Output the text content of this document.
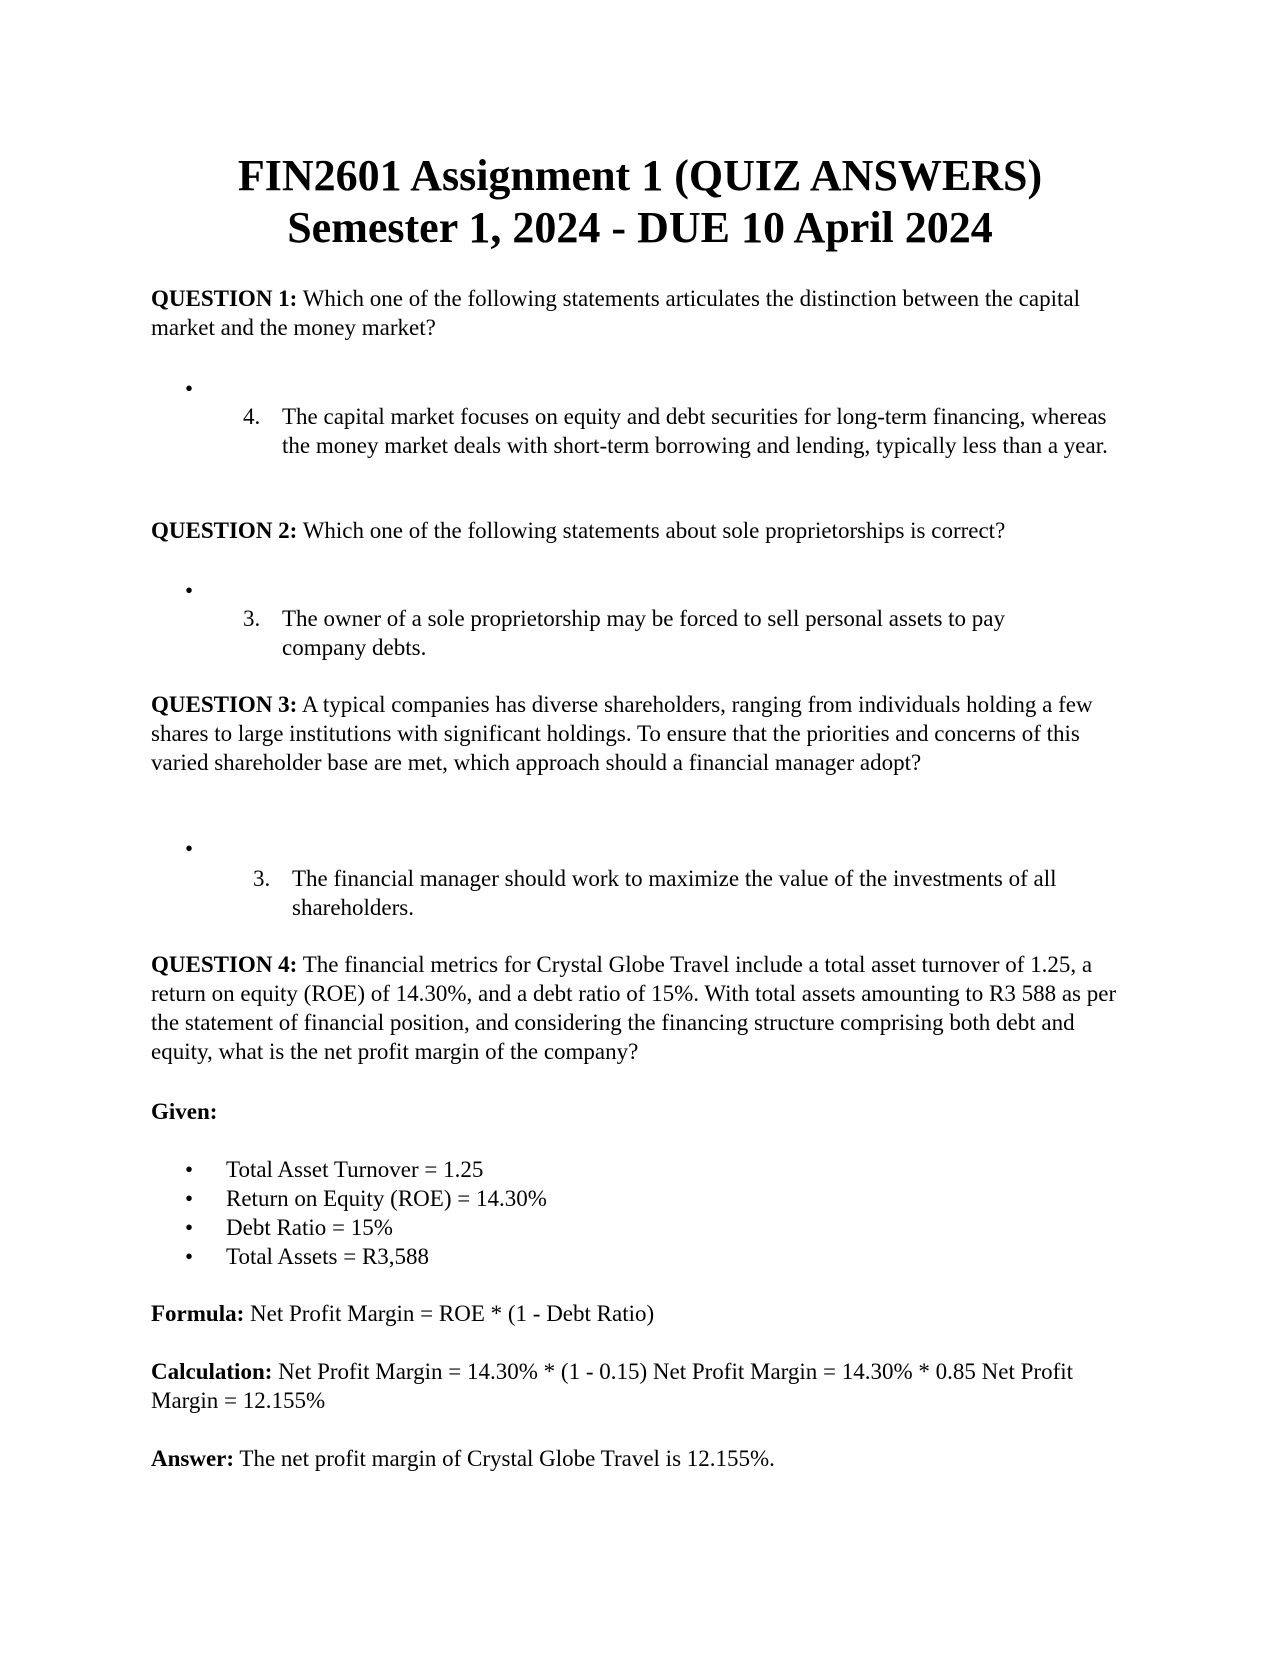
FIN2601 Assignment 1 (QUIZ ANSWERS)
Semester 1, 2024 - DUE 10 April 2024
QUESTION 1: Which one of the following statements articulates the distinction between the capital market and the money market?
•
4. The capital market focuses on equity and debt securities for long-term financing, whereas the money market deals with short-term borrowing and lending, typically less than a year.
QUESTION 2: Which one of the following statements about sole proprietorships is correct?
•
3. The owner of a sole proprietorship may be forced to sell personal assets to pay company debts.
QUESTION 3: A typical companies has diverse shareholders, ranging from individuals holding a few shares to large institutions with significant holdings. To ensure that the priorities and concerns of this varied shareholder base are met, which approach should a financial manager adopt?
•
3. The financial manager should work to maximize the value of the investments of all shareholders.
QUESTION 4: The financial metrics for Crystal Globe Travel include a total asset turnover of 1.25, a return on equity (ROE) of 14.30%, and a debt ratio of 15%. With total assets amounting to R3 588 as per the statement of financial position, and considering the financing structure comprising both debt and equity, what is the net profit margin of the company?
Given:
• Total Asset Turnover = 1.25
• Return on Equity (ROE) = 14.30%
• Debt Ratio = 15%
• Total Assets = R3,588
Formula: Net Profit Margin = ROE * (1 - Debt Ratio)
Calculation: Net Profit Margin = 14.30% * (1 - 0.15) Net Profit Margin = 14.30% * 0.85 Net Profit Margin = 12.155%
Answer: The net profit margin of Crystal Globe Travel is 12.155%.
